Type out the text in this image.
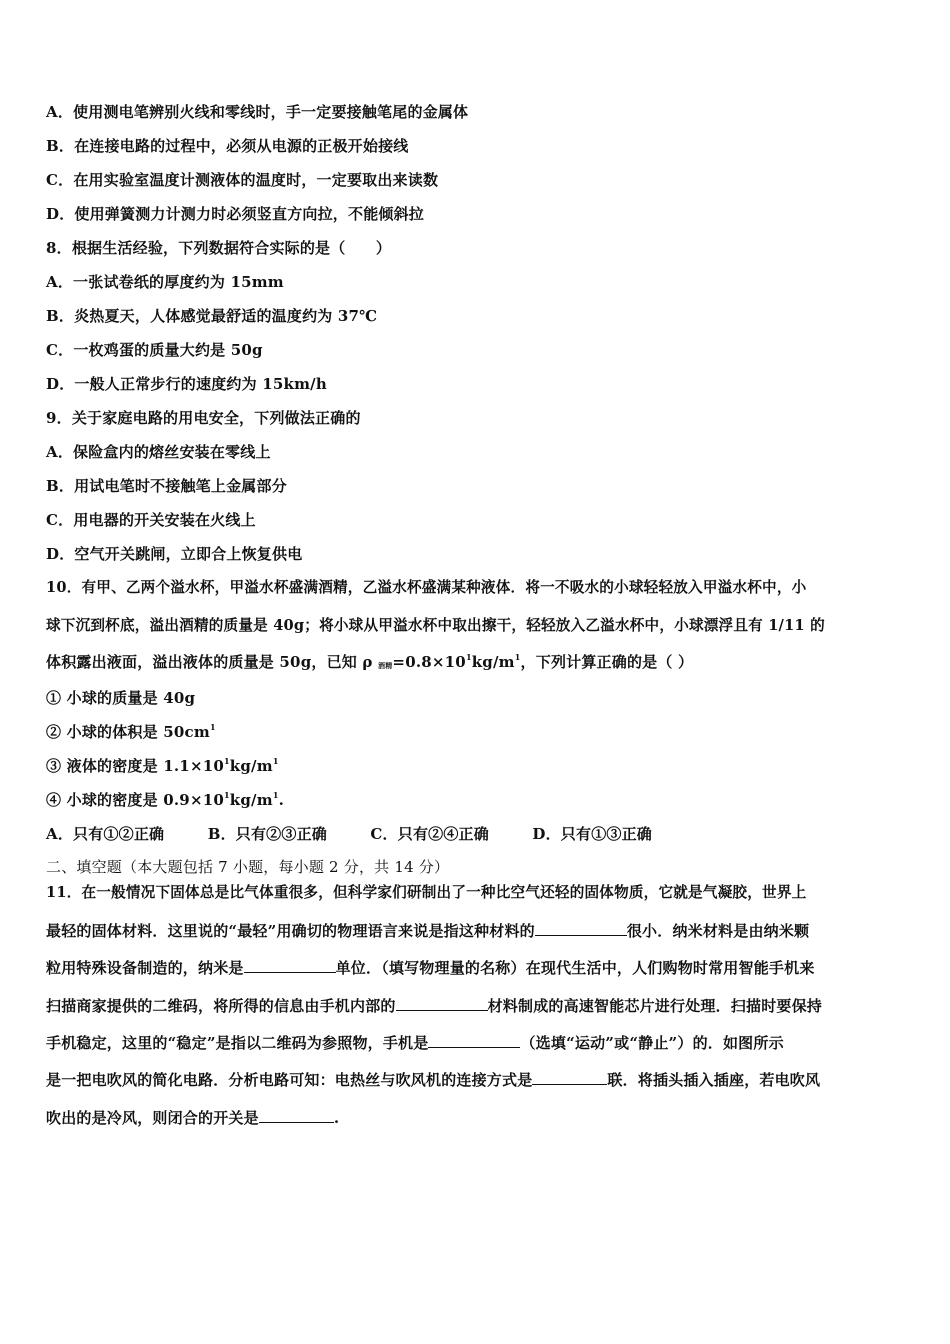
A．使用测电笔辨别火线和零线时，手一定要接触笔尾的金属体
B．在连接电路的过程中，必须从电源的正极开始接线
C．在用实验室温度计测液体的温度时，一定要取出来读数
D．使用弹簧测力计测力时必须竖直方向拉，不能倾斜拉
8．根据生活经验，下列数据符合实际的是（　　）
A．一张试卷纸的厚度约为 15mm
B．炎热夏天，人体感觉最舒适的温度约为 37℃
C．一枚鸡蛋的质量大约是 50g
D．一般人正常步行的速度约为 15km/h
9．关于家庭电路的用电安全，下列做法正确的
A．保险盒内的熔丝安装在零线上
B．用试电笔时不接触笔上金属部分
C．用电器的开关安装在火线上
D．空气开关跳闸，立即合上恢复供电
10．有甲、乙两个溢水杯，甲溢水杯盛满酒精，乙溢水杯盛满某种液体．将一不吸水的小球轻轻放入甲溢水杯中，小
球下沉到杯底，溢出酒精的质量是 40g；将小球从甲溢水杯中取出擦干，轻轻放入乙溢水杯中，小球漂浮且有 1/11 的
体积露出液面，溢出液体的质量是 50g，已知 ρ 酒精$=0.8\times 10^1kg/m^1$，下列计算正确的是（ ）
① 小球的质量是 40g
② 小球的体积是 $50cm^1$
③ 液体的密度是 $1.1\times 10^1kg/m^1$
④ 小球的密度是 $0.9\times 10^1kg/m^1$.
A．只有①②正确	B．只有②③正确	C．只有②④正确	D．只有①③正确
二、填空题（本大题包括 7 小题，每小题 2 分，共 14 分）
11．在一般情况下固体总是比气体重很多，但科学家们研制出了一种比空气还轻的固体物质，它就是气凝胶，世界上
最轻的固体材料．这里说的“最轻”用确切的物理语言来说是指这种材料的	很小．纳米材料是由纳米颗
粒用特殊设备制造的，纳米是	单位．（填写物理量的名称）在现代生活中，人们购物时常用智能手机来
扫描商家提供的二维码，将所得的信息由手机内部的	材料制成的高速智能芯片进行处理．扫描时要保持
手机稳定，这里的“稳定”是指以二维码为参照物，手机是	（选填“运动”或“静止”）的．如图所示
是一把电吹风的简化电路．分析电路可知：电热丝与吹风机的连接方式是	联．将插头插入插座，若电吹风
吹出的是冷风，则闭合的开关是	.
